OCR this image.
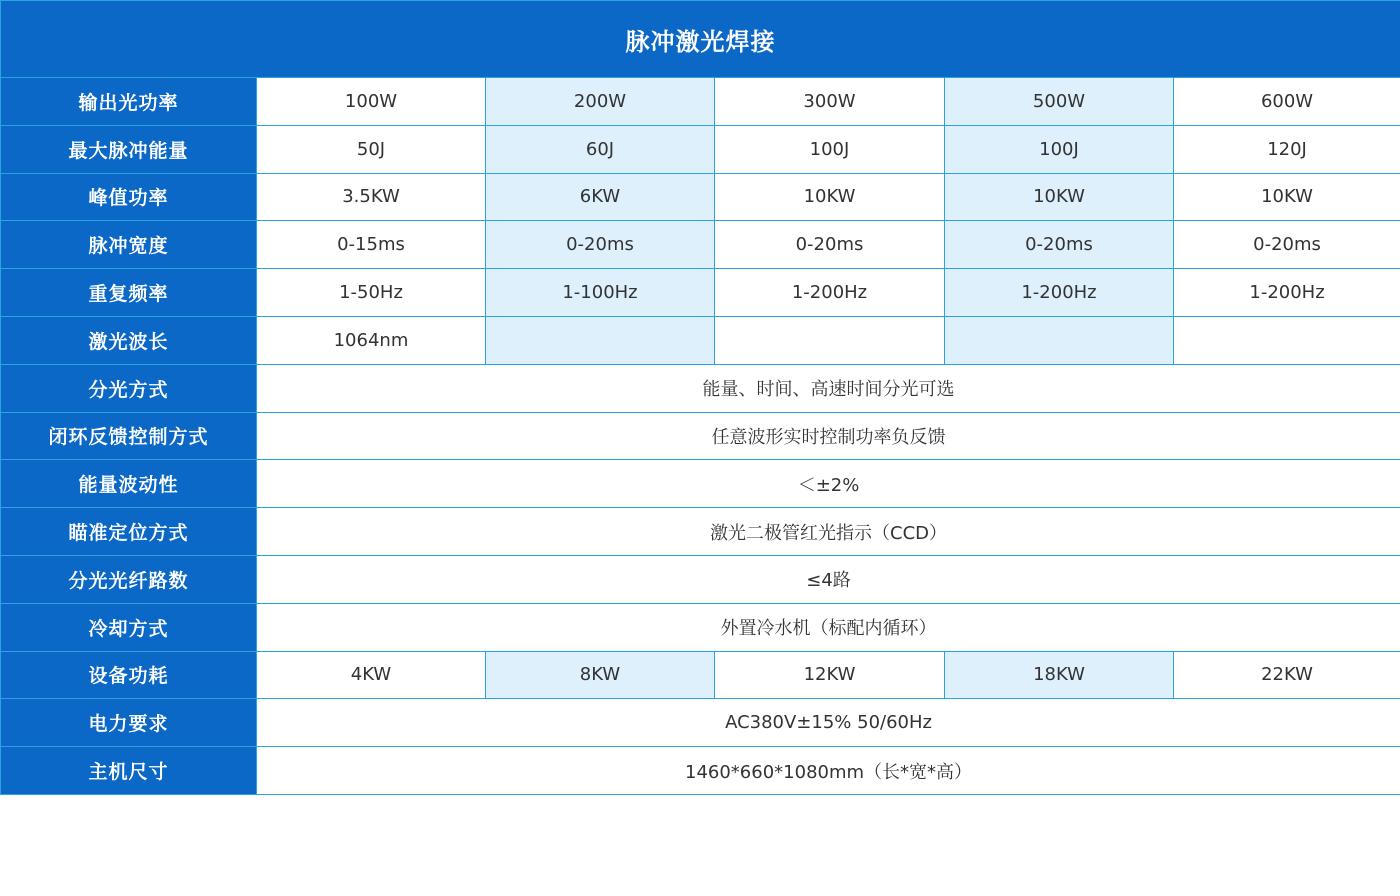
脉冲激光焊接					
输出光功率	100W	200W	300W	500W	600W
最大脉冲能量	50J	60J	100J	100J	120J
峰值功率	3.5KW	6KW	10KW	10KW	10KW
脉冲宽度	0-15ms	0-20ms	0-20ms	0-20ms	0-20ms
重复频率	1-50Hz	1-100Hz	1-200Hz	1-200Hz	1-200Hz
激光波长	1064nm				
分光方式	能量、时间、高速时间分光可选				
闭环反馈控制方式	任意波形实时控制功率负反馈				
能量波动性	＜±2%				
瞄准定位方式	激光二极管红光指示（CCD）				
分光光纤路数	≤4路				
冷却方式	外置冷水机（标配内循环）				
设备功耗	4KW	8KW	12KW	18KW	22KW
电力要求	AC380V±15% 50/60Hz				
主机尺寸	1460*660*1080mm（长*宽*高）				
